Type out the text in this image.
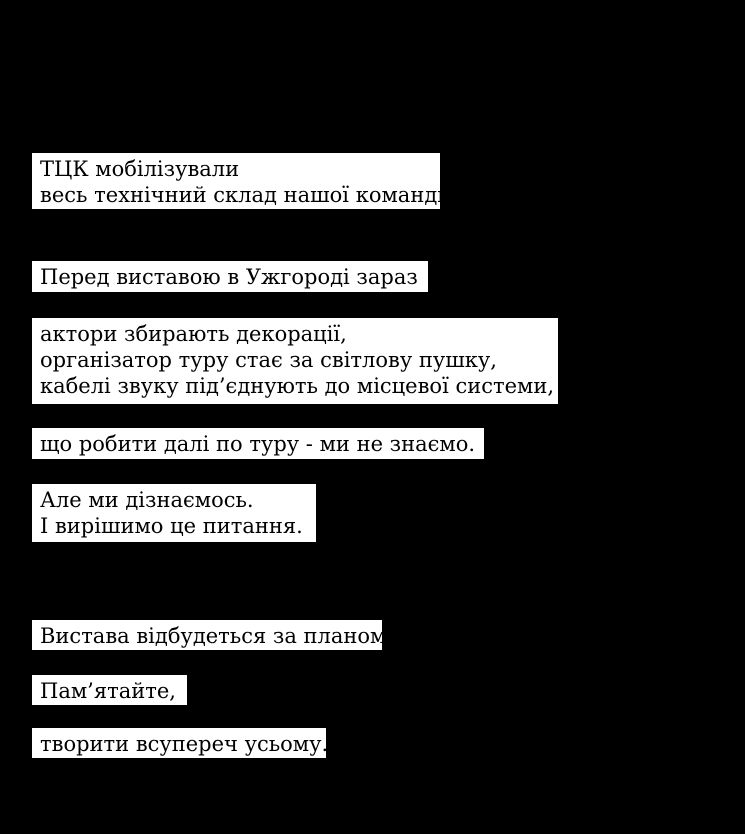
ТЦК мобілізували
весь технічний склад нашої команди.
Перед виставою в Ужгороді зараз
актори збирають декорації,
організатор туру стає за світлову пушку,
кабелі звуку під’єднують до місцевої системи,
що робити далі по туру - ми не знаємо.
Але ми дізнаємось.
І вирішимо це питання.
Вистава відбудеться за планом.
Пам’ятайте,
творити всупереч усьому.
